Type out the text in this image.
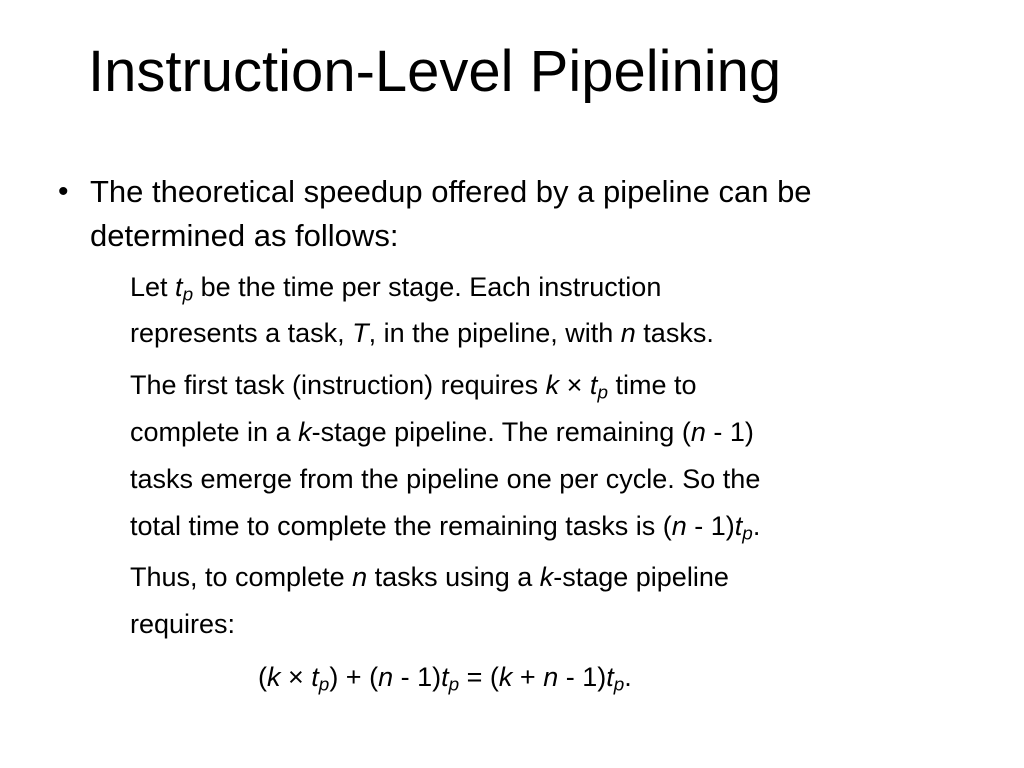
Instruction-Level Pipelining
• The theoretical speedup offered by a pipeline can be
determined as follows:
Let $t_p$ be the time per stage. Each instruction
represents a task, T, in the pipeline, with n tasks.
The first task (instruction) requires $k \times t_p$ time to
complete in a k-stage pipeline. The remaining (n - 1)
tasks emerge from the pipeline one per cycle. So the
total time to complete the remaining tasks is $(n - 1)t_p$.
Thus, to complete n tasks using a k-stage pipeline
requires:
$(k \times t_p) + (n - 1)t_p = (k + n - 1)t_p$.
